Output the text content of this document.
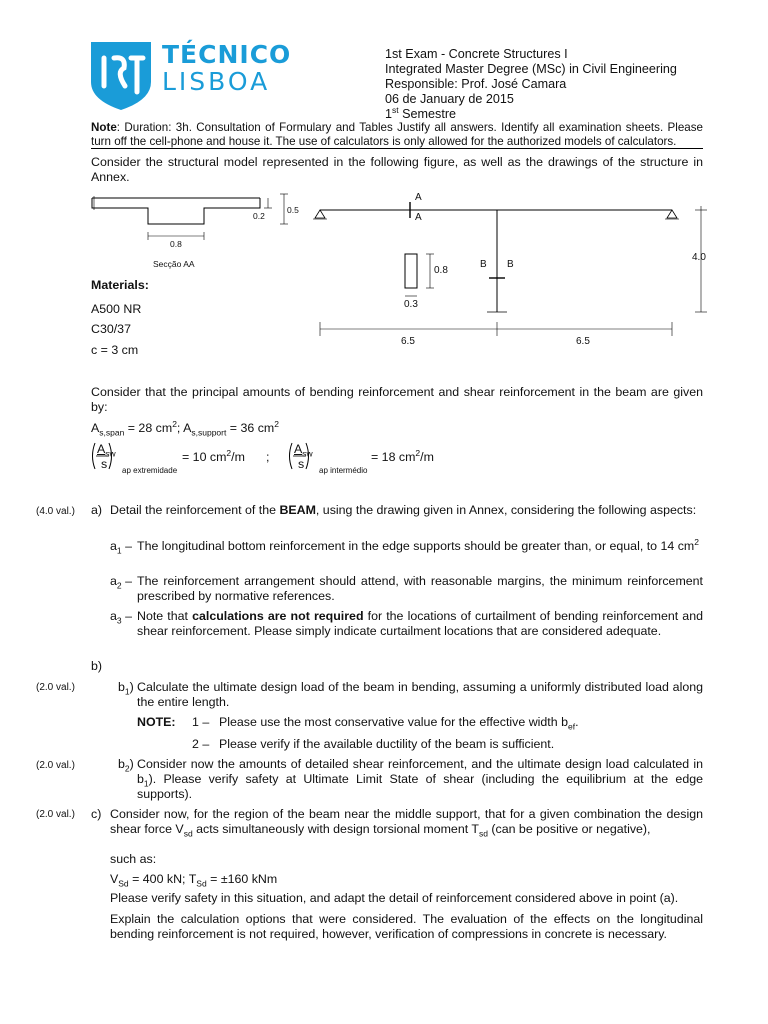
TÉCNICO
LISBOA
1st Exam - Concrete Structures I
Integrated Master Degree (MSc) in Civil Engineering
Responsible: Prof. José Camara
06 de January de 2015
1st Semestre
Note: Duration: 3h. Consultation of Formulary and Tables Justify all answers. Identify all examination sheets. Please turn off the cell-phone and house it. The use of calculators is only allowed for the authorized models of calculators.
Consider the structural model represented in the following figure, as well as the drawings of the structure in Annex.
0.2
0.5
0.8
Secção AA
A
A
B B
0.8
0.3
4.0
6.5	6.5
Materials:
A500 NR
C30/37
c = 3 cm
Consider that the principal amounts of bending reinforcement and shear reinforcement in the beam are given by:
$A_{s,span} = 28$ $cm^2$; $A_{s,support} = 36$ $cm^2$
$A_{sw}$
s ap extremidade
= 10 $cm^2/m$ ;
$A_{sw}$
s ap intermédio
= 18 $cm^2/m$
(4.0 val.) a) Detail the reinforcement of the BEAM, using the drawing given in Annex, considering the following aspects:
$a_1$ – The longitudinal bottom reinforcement in the edge supports should be greater than, or equal, to 14 $cm^2$
$a_2$ – The reinforcement arrangement should attend, with reasonable margins, the minimum reinforcement prescribed by normative references.
$a_3$ – Note that calculations are not required for the locations of curtailment of bending reinforcement and shear reinforcement. Please simply indicate curtailment locations that are considered adequate.
b)
(2.0 val.)	$b_1$) Calculate the ultimate design load of the beam in bending, assuming a uniformly distributed load along the entire length.
NOTE: 1 – Please use the most conservative value for the effective width $b_{ef}$.
2 – Please verify if the available ductility of the beam is sufficient.
(2.0 val.)	$b_2$) Consider now the amounts of detailed shear reinforcement, and the ultimate design load calculated in $b_1$). Please verify safety at Ultimate Limit State of shear (including the equilibrium at the edge supports).
(2.0 val.) c) Consider now, for the region of the beam near the middle support, that for a given combination the design shear force $V_{sd}$ acts simultaneously with design torsional moment $T_{sd}$ (can be positive or negative),
such as:
$V_{Sd} = 400$ kN; $T_{Sd} = \pm 160$ kNm
Please verify safety in this situation, and adapt the detail of reinforcement considered above in point (a).
Explain the calculation options that were considered. The evaluation of the effects on the longitudinal bending reinforcement is not required, however, verification of compressions in concrete is necessary.
